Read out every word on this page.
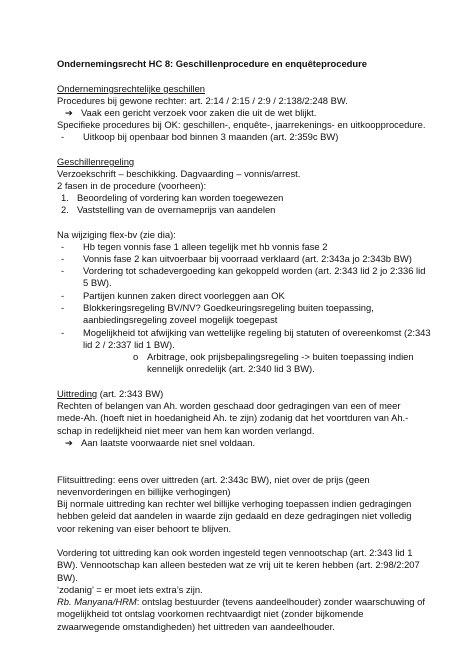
Ondernemingsrecht HC 8: Geschillenprocedure en enquêteprocedure
Ondernemingsrechtelijke geschillen
Procedures bij gewone rechter: art. 2:14 / 2:15 / 2:9 / 2:138/2:248 BW.
➔ Vaak een gericht verzoek voor zaken die uit de wet blijkt.
Specifieke procedures bij OK: geschillen-, enquête-, jaarrekenings- en uitkoopprocedure.
-	Uitkoop bij openbaar bod binnen 3 maanden (art. 2:359c BW)
Geschillenregeling
Verzoekschrift – beschikking. Dagvaarding – vonnis/arrest.
2 fasen in de procedure (voorheen):
1. Beoordeling of vordering kan worden toegewezen
2. Vaststelling van de overnameprijs van aandelen
Na wijziging flex-bv (zie dia):
-	Hb tegen vonnis fase 1 alleen tegelijk met hb vonnis fase 2
-	Vonnis fase 2 kan uitvoerbaar bij voorraad verklaard (art. 2:343a jo 2:343b BW)
-	Vordering tot schadevergoeding kan gekoppeld worden (art. 2:343 lid 2 jo 2:336 lid 5 BW).
-	Partijen kunnen zaken direct voorleggen aan OK
-	Blokkeringsregeling BV/NV? Goedkeuringsregeling buiten toepassing, aanbiedingsregeling zoveel mogelijk toegepast
-	Mogelijkheid tot afwijking van wettelijke regeling bij statuten of overeenkomst (2:343 lid 2 / 2:337 lid 1 BW).
o Arbitrage, ook prijsbepalingsregeling -> buiten toepassing indien kennelijk onredelijk (art. 2:340 lid 3 BW).
Uittreding (art. 2:343 BW)
Rechten of belangen van Ah. worden geschaad door gedragingen van een of meer mede-Ah. (hoeft niet in hoedanigheid Ah. te zijn) zodanig dat het voortduren van Ah.-schap in redelijkheid niet meer van hem kan worden verlangd.
➔ Aan laatste voorwaarde niet snel voldaan.
Flitsuittreding: eens over uittreden (art. 2:343c BW), niet over de prijs (geen nevenvorderingen en billijke verhogingen)
Bij normale uittreding kan rechter wel billijke verhoging toepassen indien gedragingen hebben geleid dat aandelen in waarde zijn gedaald en deze gedragingen niet volledig voor rekening van eiser behoort te blijven.
Vordering tot uittreding kan ook worden ingesteld tegen vennootschap (art. 2:343 lid 1 BW). Vennootschap kan alleen besteden wat ze vrij uit te keren hebben (art. 2:98/2:207 BW).
‘zodanig’ = er moet iets extra’s zijn.
Rb. Manyana/HRM: ontslag bestuurder (tevens aandeelhouder) zonder waarschuwing of mogelijkheid tot ontslag voorkomen rechtvaardigt niet (zonder bijkomende zwaarwegende omstandigheden) het uittreden van aandeelhouder.
